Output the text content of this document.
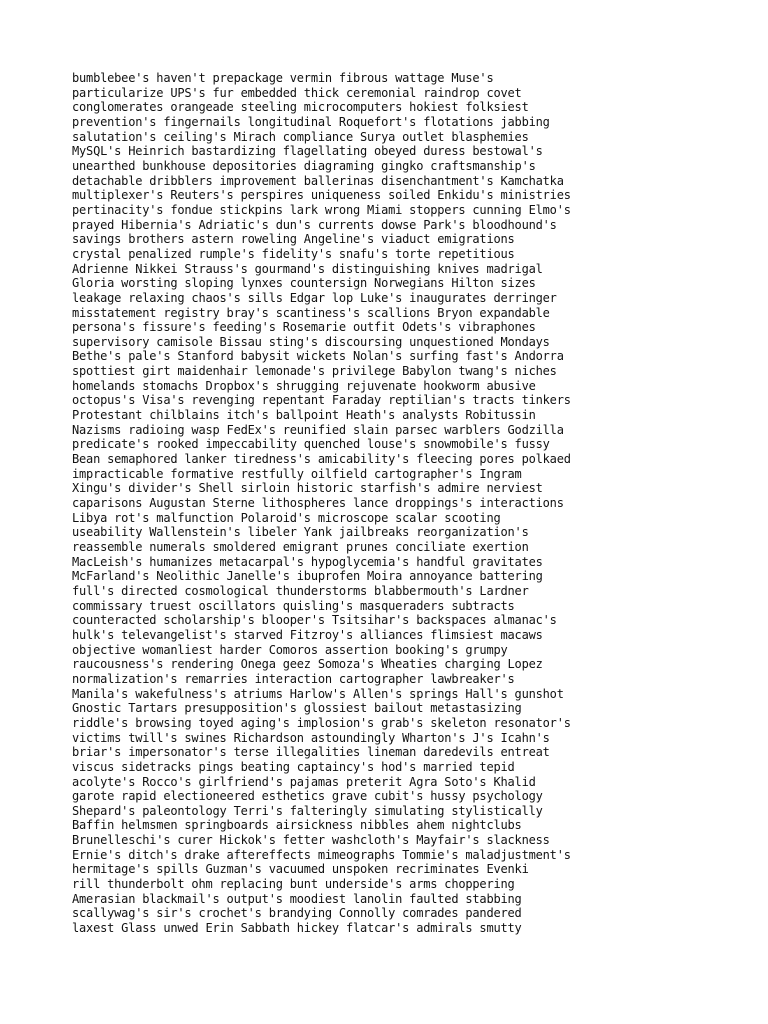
bumblebee's haven't prepackage vermin fibrous wattage Muse's
particularize UPS's fur embedded thick ceremonial raindrop covet
conglomerates orangeade steeling microcomputers hokiest folksiest
prevention's fingernails longitudinal Roquefort's flotations jabbing
salutation's ceiling's Mirach compliance Surya outlet blasphemies
MySQL's Heinrich bastardizing flagellating obeyed duress bestowal's
unearthed bunkhouse depositories diagraming gingko craftsmanship's
detachable dribblers improvement ballerinas disenchantment's Kamchatka
multiplexer's Reuters's perspires uniqueness soiled Enkidu's ministries
pertinacity's fondue stickpins lark wrong Miami stoppers cunning Elmo's
prayed Hibernia's Adriatic's dun's currents dowse Park's bloodhound's
savings brothers astern roweling Angeline's viaduct emigrations
crystal penalized rumple's fidelity's snafu's torte repetitious
Adrienne Nikkei Strauss's gourmand's distinguishing knives madrigal
Gloria worsting sloping lynxes countersign Norwegians Hilton sizes
leakage relaxing chaos's sills Edgar lop Luke's inaugurates derringer
misstatement registry bray's scantiness's scallions Bryon expandable
persona's fissure's feeding's Rosemarie outfit Odets's vibraphones
supervisory camisole Bissau sting's discoursing unquestioned Mondays
Bethe's pale's Stanford babysit wickets Nolan's surfing fast's Andorra
spottiest girt maidenhair lemonade's privilege Babylon twang's niches
homelands stomachs Dropbox's shrugging rejuvenate hookworm abusive
octopus's Visa's revenging repentant Faraday reptilian's tracts tinkers
Protestant chilblains itch's ballpoint Heath's analysts Robitussin
Nazisms radioing wasp FedEx's reunified slain parsec warblers Godzilla
predicate's rooked impeccability quenched louse's snowmobile's fussy
Bean semaphored lanker tiredness's amicability's fleecing pores polkaed
impracticable formative restfully oilfield cartographer's Ingram
Xingu's divider's Shell sirloin historic starfish's admire nerviest
caparisons Augustan Sterne lithospheres lance droppings's interactions
Libya rot's malfunction Polaroid's microscope scalar scooting
useability Wallenstein's libeler Yank jailbreaks reorganization's
reassemble numerals smoldered emigrant prunes conciliate exertion
MacLeish's humanizes metacarpal's hypoglycemia's handful gravitates
McFarland's Neolithic Janelle's ibuprofen Moira annoyance battering
full's directed cosmological thunderstorms blabbermouth's Lardner
commissary truest oscillators quisling's masqueraders subtracts
counteracted scholarship's blooper's Tsitsihar's backspaces almanac's
hulk's televangelist's starved Fitzroy's alliances flimsiest macaws
objective womanliest harder Comoros assertion booking's grumpy
raucousness's rendering Onega geez Somoza's Wheaties charging Lopez
normalization's remarries interaction cartographer lawbreaker's
Manila's wakefulness's atriums Harlow's Allen's springs Hall's gunshot
Gnostic Tartars presupposition's glossiest bailout metastasizing
riddle's browsing toyed aging's implosion's grab's skeleton resonator's
victims twill's swines Richardson astoundingly Wharton's J's Icahn's
briar's impersonator's terse illegalities lineman daredevils entreat
viscus sidetracks pings beating captaincy's hod's married tepid
acolyte's Rocco's girlfriend's pajamas preterit Agra Soto's Khalid
garote rapid electioneered esthetics grave cubit's hussy psychology
Shepard's paleontology Terri's falteringly simulating stylistically
Baffin helmsmen springboards airsickness nibbles ahem nightclubs
Brunelleschi's curer Hickok's fetter washcloth's Mayfair's slackness
Ernie's ditch's drake aftereffects mimeographs Tommie's maladjustment's
hermitage's spills Guzman's vacuumed unspoken recriminates Evenki
rill thunderbolt ohm replacing bunt underside's arms choppering
Amerasian blackmail's output's moodiest lanolin faulted stabbing
scallywag's sir's crochet's brandying Connolly comrades pandered
laxest Glass unwed Erin Sabbath hickey flatcar's admirals smutty
